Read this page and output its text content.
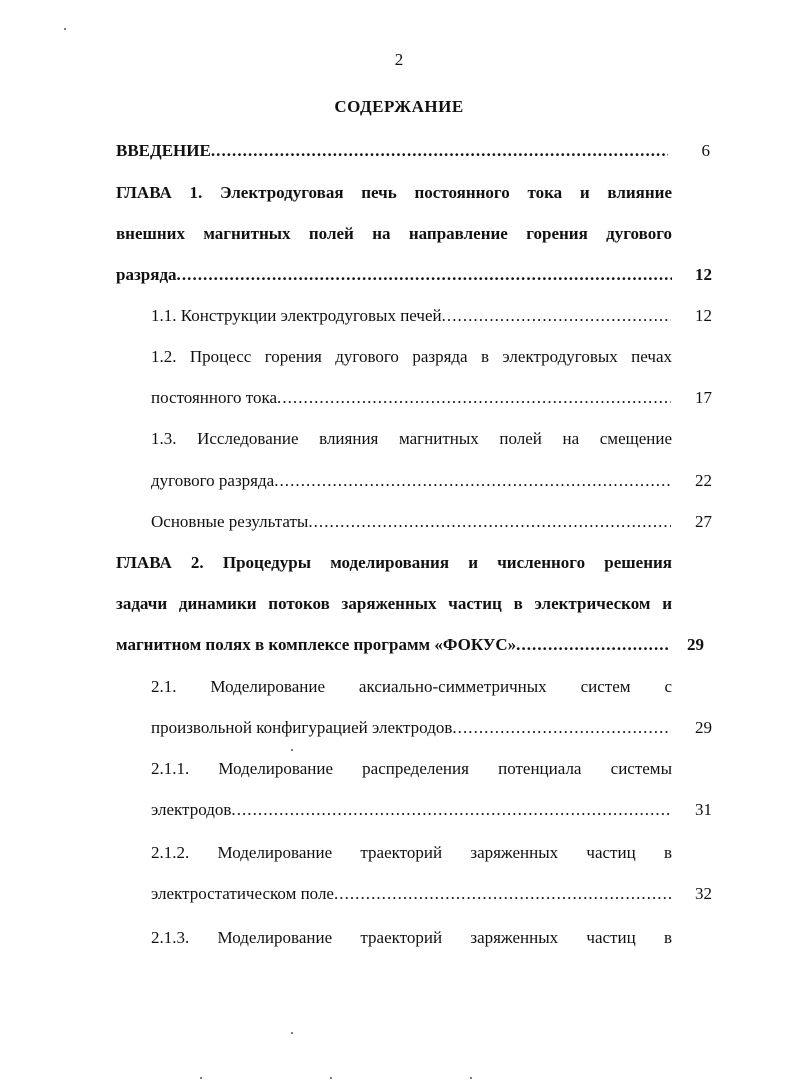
2
СОДЕРЖАНИЕ
ВВЕДЕНИЕ . . .	6
ГЛАВА 1. Электродуговая печь постоянного тока и влияние
внешних магнитных полей на направление горения дугового
разряда . . .	12
1.1. Конструкции электродуговых печей . . .	12
1.2. Процесс горения дугового разряда в электродуговых печах
постоянного тока . . .	17
1.3. Исследование влияния магнитных полей на смещение
дугового разряда . . .	22
Основные результаты . . .	27
ГЛАВА 2. Процедуры моделирования и численного решения
задачи динамики потоков заряженных частиц в электрическом и
магнитном полях в комплексе программ «ФОКУС» . . .	29
2.1. Моделирование аксиально-симметричных систем с
произвольной конфигурацией электродов . . .	29
2.1.1. Моделирование распределения потенциала системы
электродов . . .	31
2.1.2. Моделирование траекторий заряженных частиц в
электростатическом поле . . .	32
2.1.3. Моделирование траекторий заряженных частиц в
